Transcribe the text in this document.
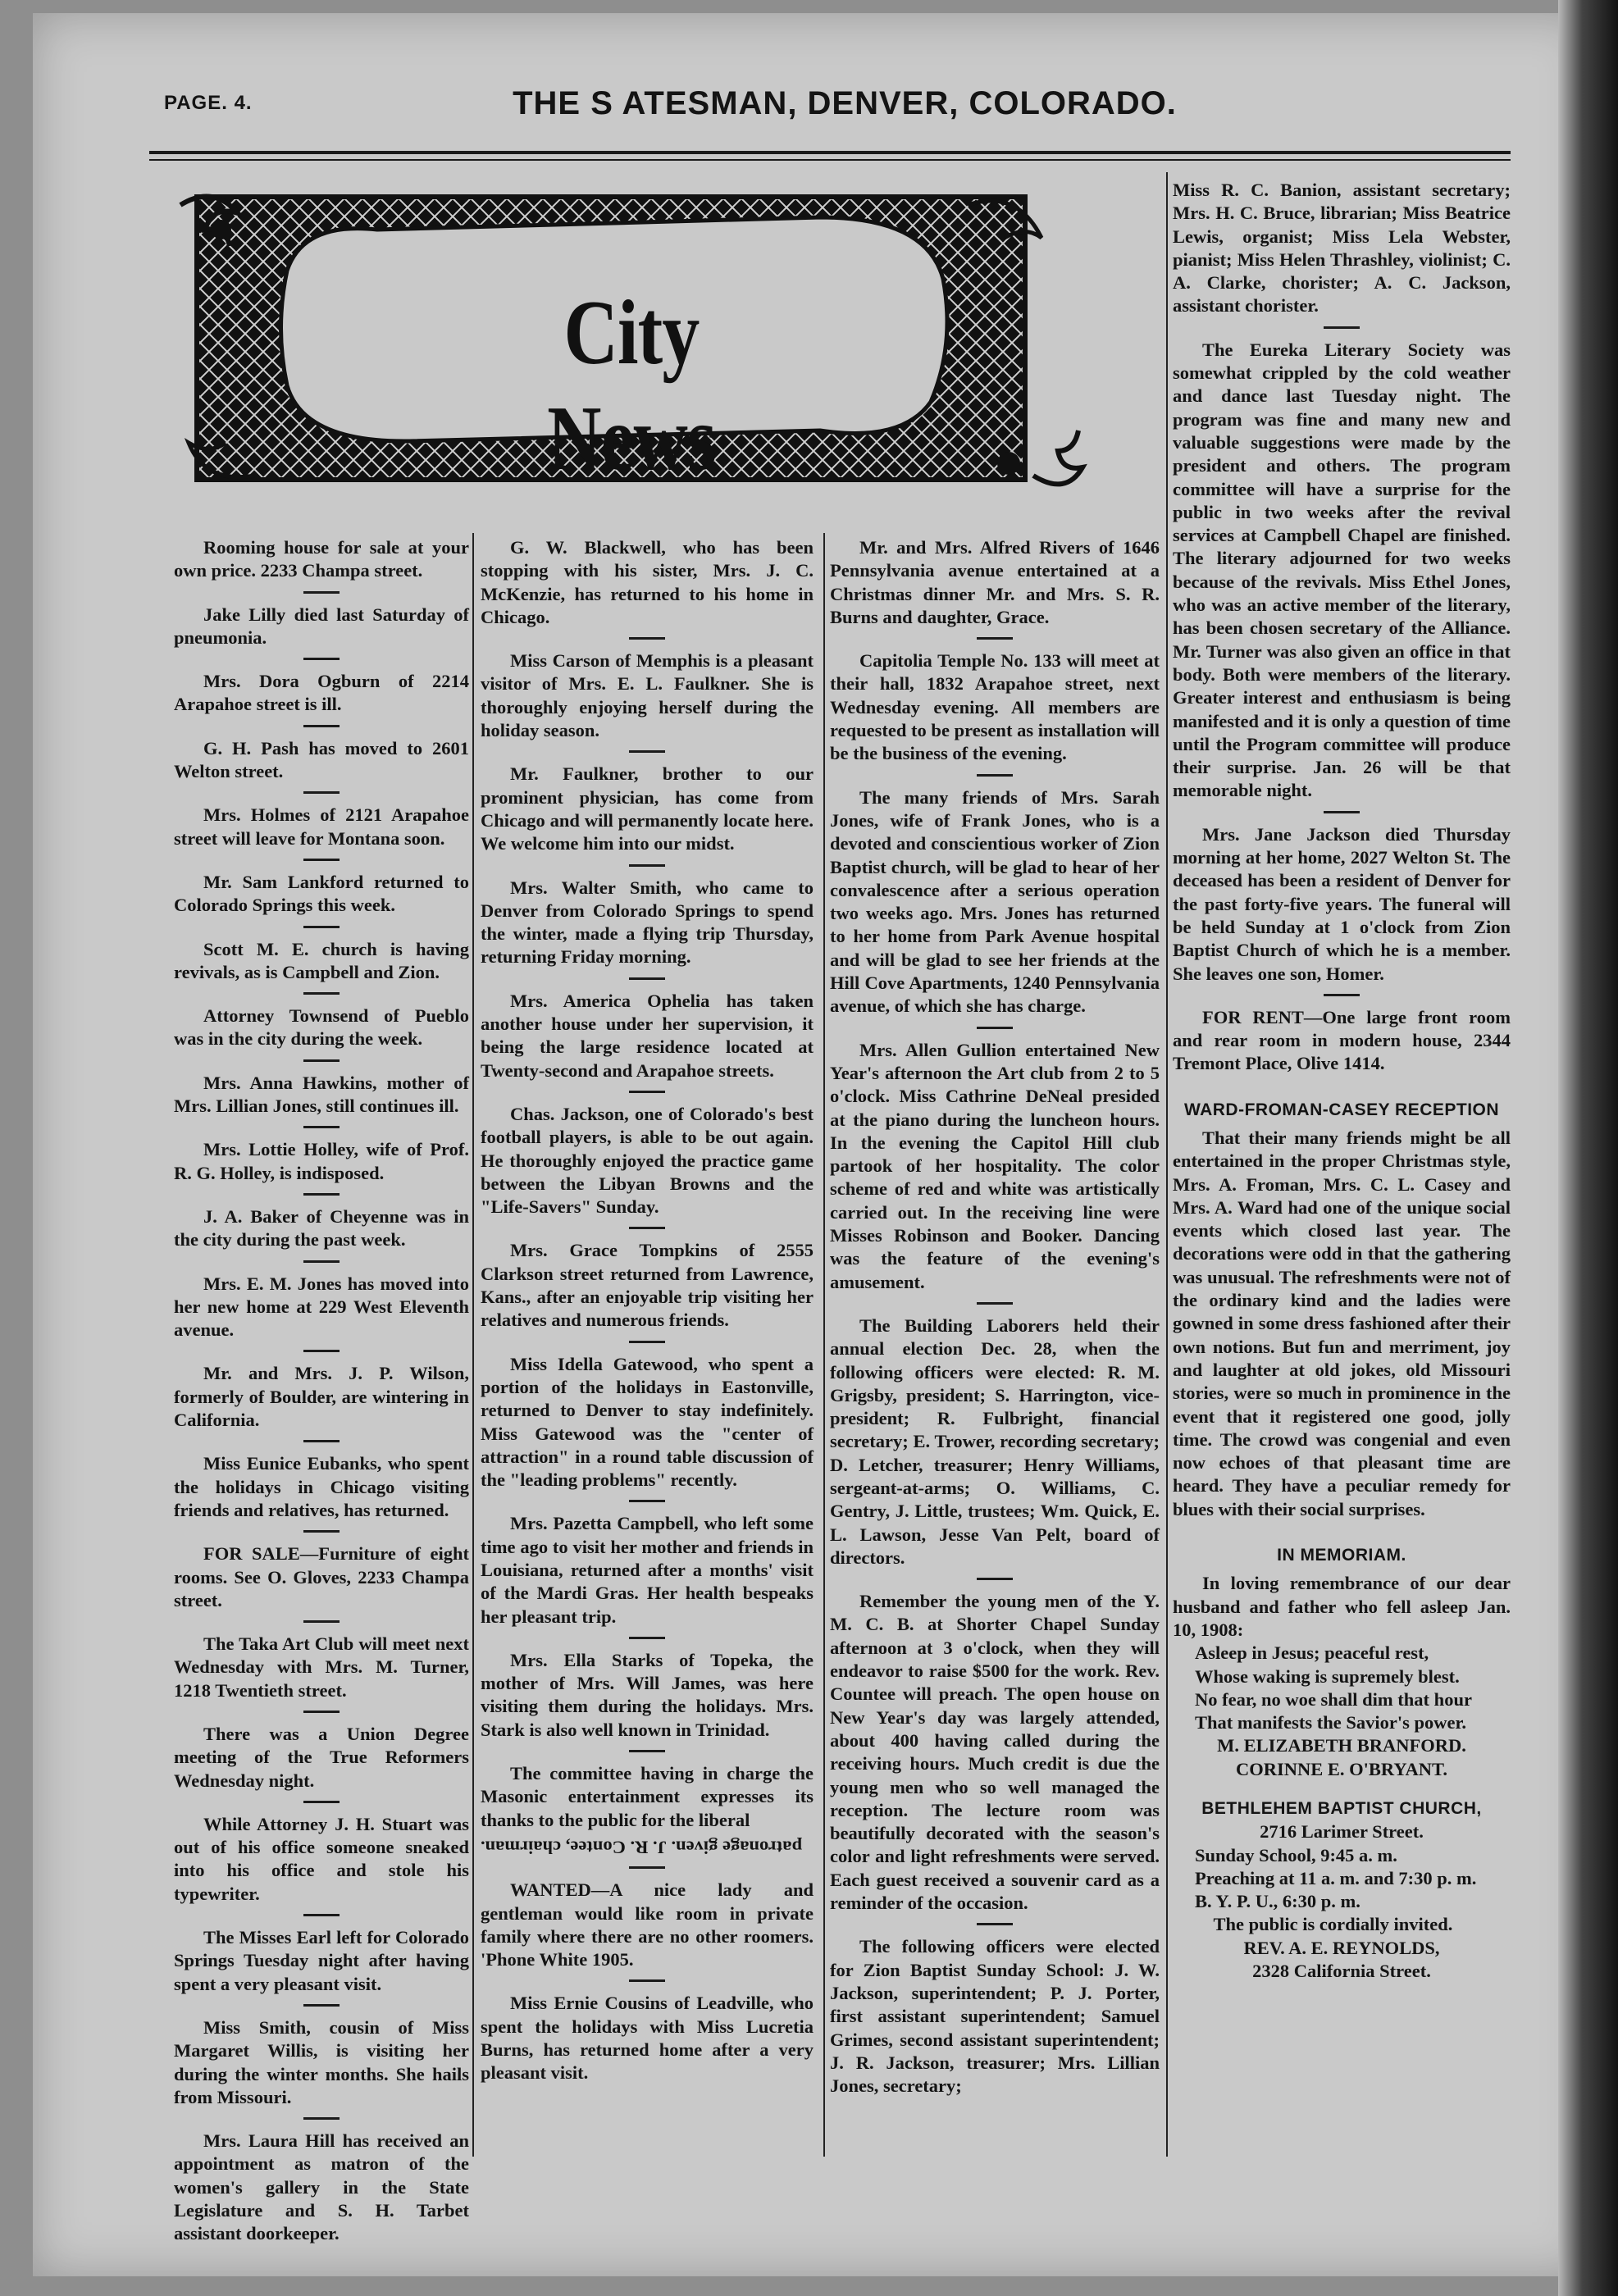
PAGE. 4.	THE S ATESMAN, DENVER, COLORADO.
City News

Rooming house for sale at your own price. 2233 Champa street.

Jake Lilly died last Saturday of pneumonia.

Mrs. Dora Ogburn of 2214 Arapahoe street is ill.

G. H. Pash has moved to 2601 Welton street.

Mrs. Holmes of 2121 Arapahoe street will leave for Montana soon.

Mr. Sam Lankford returned to Colorado Springs this week.

Scott M. E. church is having revivals, as is Campbell and Zion.

Attorney Townsend of Pueblo was in the city during the week.

Mrs. Anna Hawkins, mother of Mrs. Lillian Jones, still continues ill.

Mrs. Lottie Holley, wife of Prof. R. G. Holley, is indisposed.

J. A. Baker of Cheyenne was in the city during the past week.

Mrs. E. M. Jones has moved into her new home at 229 West Eleventh avenue.

Mr. and Mrs. J. P. Wilson, formerly of Boulder, are wintering in California.

Miss Eunice Eubanks, who spent the holidays in Chicago visiting friends and relatives, has returned.

FOR SALE—Furniture of eight rooms. See O. Gloves, 2233 Champa street.

The Taka Art Club will meet next Wednesday with Mrs. M. Turner, 1218 Twentieth street.

There was a Union Degree meeting of the True Reformers Wednesday night.

While Attorney J. H. Stuart was out of his office someone sneaked into his office and stole his typewriter.

The Misses Earl left for Colorado Springs Tuesday night after having spent a very pleasant visit.

Miss Smith, cousin of Miss Margaret Willis, is visiting her during the winter months. She hails from Missouri.

Mrs. Laura Hill has received an appointment as matron of the women's gallery in the State Legislature and S. H. Tarbet assistant doorkeeper.

G. W. Blackwell, who has been stopping with his sister, Mrs. J. C. McKenzie, has returned to his home in Chicago.

Miss Carson of Memphis is a pleasant visitor of Mrs. E. L. Faulkner. She is thoroughly enjoying herself during the holiday season.

Mr. Faulkner, brother to our prominent physician, has come from Chicago and will permanently locate here. We welcome him into our midst.

Mrs. Walter Smith, who came to Denver from Colorado Springs to spend the winter, made a flying trip Thursday, returning Friday morning.

Mrs. America Ophelia has taken another house under her supervision, it being the large residence located at Twenty-second and Arapahoe streets.

Chas. Jackson, one of Colorado's best football players, is able to be out again. He thoroughly enjoyed the practice game between the Libyan Browns and the "Life-Savers" Sunday.

Mrs. Grace Tompkins of 2555 Clarkson street returned from Lawrence, Kans., after an enjoyable trip visiting her relatives and numerous friends.

Miss Idella Gatewood, who spent a portion of the holidays in Eastonville, returned to Denver to stay indefinitely. Miss Gatewood was the "center of attraction" in a round table discussion of the "leading problems" recently.

Mrs. Pazetta Campbell, who left some time ago to visit her mother and friends in Louisiana, returned after a months' visit of the Mardi Gras. Her health bespeaks her pleasant trip.

Mrs. Ella Starks of Topeka, the mother of Mrs. Will James, was here visiting them during the holidays. Mrs. Stark is also well known in Trinidad.

The committee having in charge the Masonic entertainment expresses its thanks to the public for the liberal

patronage given. J. R. Contee, chairman.

WANTED—A nice lady and gentleman would like room in private family where there are no other roomers. 'Phone White 1905.

Miss Ernie Cousins of Leadville, who spent the holidays with Miss Lucretia Burns, has returned home after a very pleasant visit.

Mr. and Mrs. Alfred Rivers of 1646 Pennsylvania avenue entertained at a Christmas dinner Mr. and Mrs. S. R. Burns and daughter, Grace.

Capitolia Temple No. 133 will meet at their hall, 1832 Arapahoe street, next Wednesday evening. All members are requested to be present as installation will be the business of the evening.

The many friends of Mrs. Sarah Jones, wife of Frank Jones, who is a devoted and conscientious worker of Zion Baptist church, will be glad to hear of her convalescence after a serious operation two weeks ago. Mrs. Jones has returned to her home from Park Avenue hospital and will be glad to see her friends at the Hill Cove Apartments, 1240 Pennsylvania avenue, of which she has charge.

Mrs. Allen Gullion entertained New Year's afternoon the Art club from 2 to 5 o'clock. Miss Cathrine DeNeal presided at the piano during the luncheon hours. In the evening the Capitol Hill club partook of her hospitality. The color scheme of red and white was artistically carried out. In the receiving line were Misses Robinson and Booker. Dancing was the feature of the evening's amusement.

The Building Laborers held their annual election Dec. 28, when the following officers were elected: R. M. Grigsby, president; S. Harrington, vice-president; R. Fulbright, financial secretary; E. Trower, recording secretary; D. Letcher, treasurer; Henry Williams, sergeant-at-arms; O. Williams, C. Gentry, J. Little, trustees; Wm. Quick, E. L. Lawson, Jesse Van Pelt, board of directors.

Remember the young men of the Y. M. C. B. at Shorter Chapel Sunday afternoon at 3 o'clock, when they will endeavor to raise $500 for the work. Rev. Countee will preach. The open house on New Year's day was largely attended, about 400 having called during the receiving hours. Much credit is due the young men who so well managed the reception. The lecture room was beautifully decorated with the season's color and light refreshments were served. Each guest received a souvenir card as a reminder of the occasion.

The following officers were elected for Zion Baptist Sunday School: J. W. Jackson, superintendent; P. J. Porter, first assistant superintendent; Samuel Grimes, second assistant superintendent; J. R. Jackson, treasurer; Mrs. Lillian Jones, secretary;

Miss R. C. Banion, assistant secretary; Mrs. H. C. Bruce, librarian; Miss Beatrice Lewis, organist; Miss Lela Webster, pianist; Miss Helen Thrashley, violinist; C. A. Clarke, chorister; A. C. Jackson, assistant chorister.

The Eureka Literary Society was somewhat crippled by the cold weather and dance last Tuesday night. The program was fine and many new and valuable suggestions were made by the president and others. The program committee will have a surprise for the public in two weeks after the revival services at Campbell Chapel are finished. The literary adjourned for two weeks because of the revivals. Miss Ethel Jones, who was an active member of the literary, has been chosen secretary of the Alliance. Mr. Turner was also given an office in that body. Both were members of the literary. Greater interest and enthusiasm is being manifested and it is only a question of time until the Program committee will produce their surprise. Jan. 26 will be that memorable night.

Mrs. Jane Jackson died Thursday morning at her home, 2027 Welton St. The deceased has been a resident of Denver for the past forty-five years. The funeral will be held Sunday at 1 o'clock from Zion Baptist Church of which he is a member. She leaves one son, Homer.

FOR RENT—One large front room and rear room in modern house, 2344 Tremont Place, Olive 1414.

WARD-FROMAN-CASEY RECEPTION

That their many friends might be all entertained in the proper Christmas style, Mrs. A. Froman, Mrs. C. L. Casey and Mrs. A. Ward had one of the unique social events which closed last year. The decorations were odd in that the gathering was unusual. The refreshments were not of the ordinary kind and the ladies were gowned in some dress fashioned after their own notions. But fun and merriment, joy and laughter at old jokes, old Missouri stories, were so much in prominence in the event that it registered one good, jolly time. The crowd was congenial and even now echoes of that pleasant time are heard. They have a peculiar remedy for blues with their social surprises.

IN MEMORIAM.

In loving remembrance of our dear husband and father who fell asleep Jan. 10, 1908:

Asleep in Jesus; peaceful rest,
Whose waking is supremely blest.
No fear, no woe shall dim that hour
That manifests the Savior's power.
M. ELIZABETH BRANFORD.
CORINNE E. O'BRYANT.
BETHLEHEM BAPTIST CHURCH,
2716 Larimer Street.
Sunday School, 9:45 a. m.
Preaching at 11 a. m. and 7:30 p. m.
B. Y. P. U., 6:30 p. m.
The public is cordially invited.
REV. A. E. REYNOLDS,
2328 California Street.
